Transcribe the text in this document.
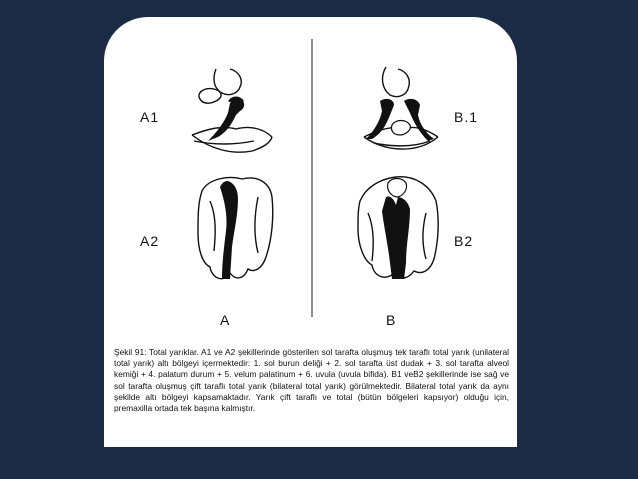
A1	B.1
A2	B2
A	B
Şekil 91: Total yarıklar. A1 ve A2 şekillerinde gösterilen sol tarafta oluşmuş tek taraflı total yarık (unilateral total yarık) altı bölgeyi içermektedir: 1. sol burun deliği + 2. sol tarafta üst dudak + 3. sol tarafta alveol kemiği + 4. palatum durum + 5. velum palatinum + 6. uvula (uvula bifida). B1 veB2 şekillerinde ise sağ ve sol tarafta oluşmuş çift taraflı total yarık (bilateral total yarık) görülmektedir. Bilateral total yarık da aynı şekilde altı bölgeyi kapsamaktadır. Yarık çift taraflı ve total (bütün bölgeleri kapsıyor) olduğu için, premaxilla ortada tek başına kalmıştır.
